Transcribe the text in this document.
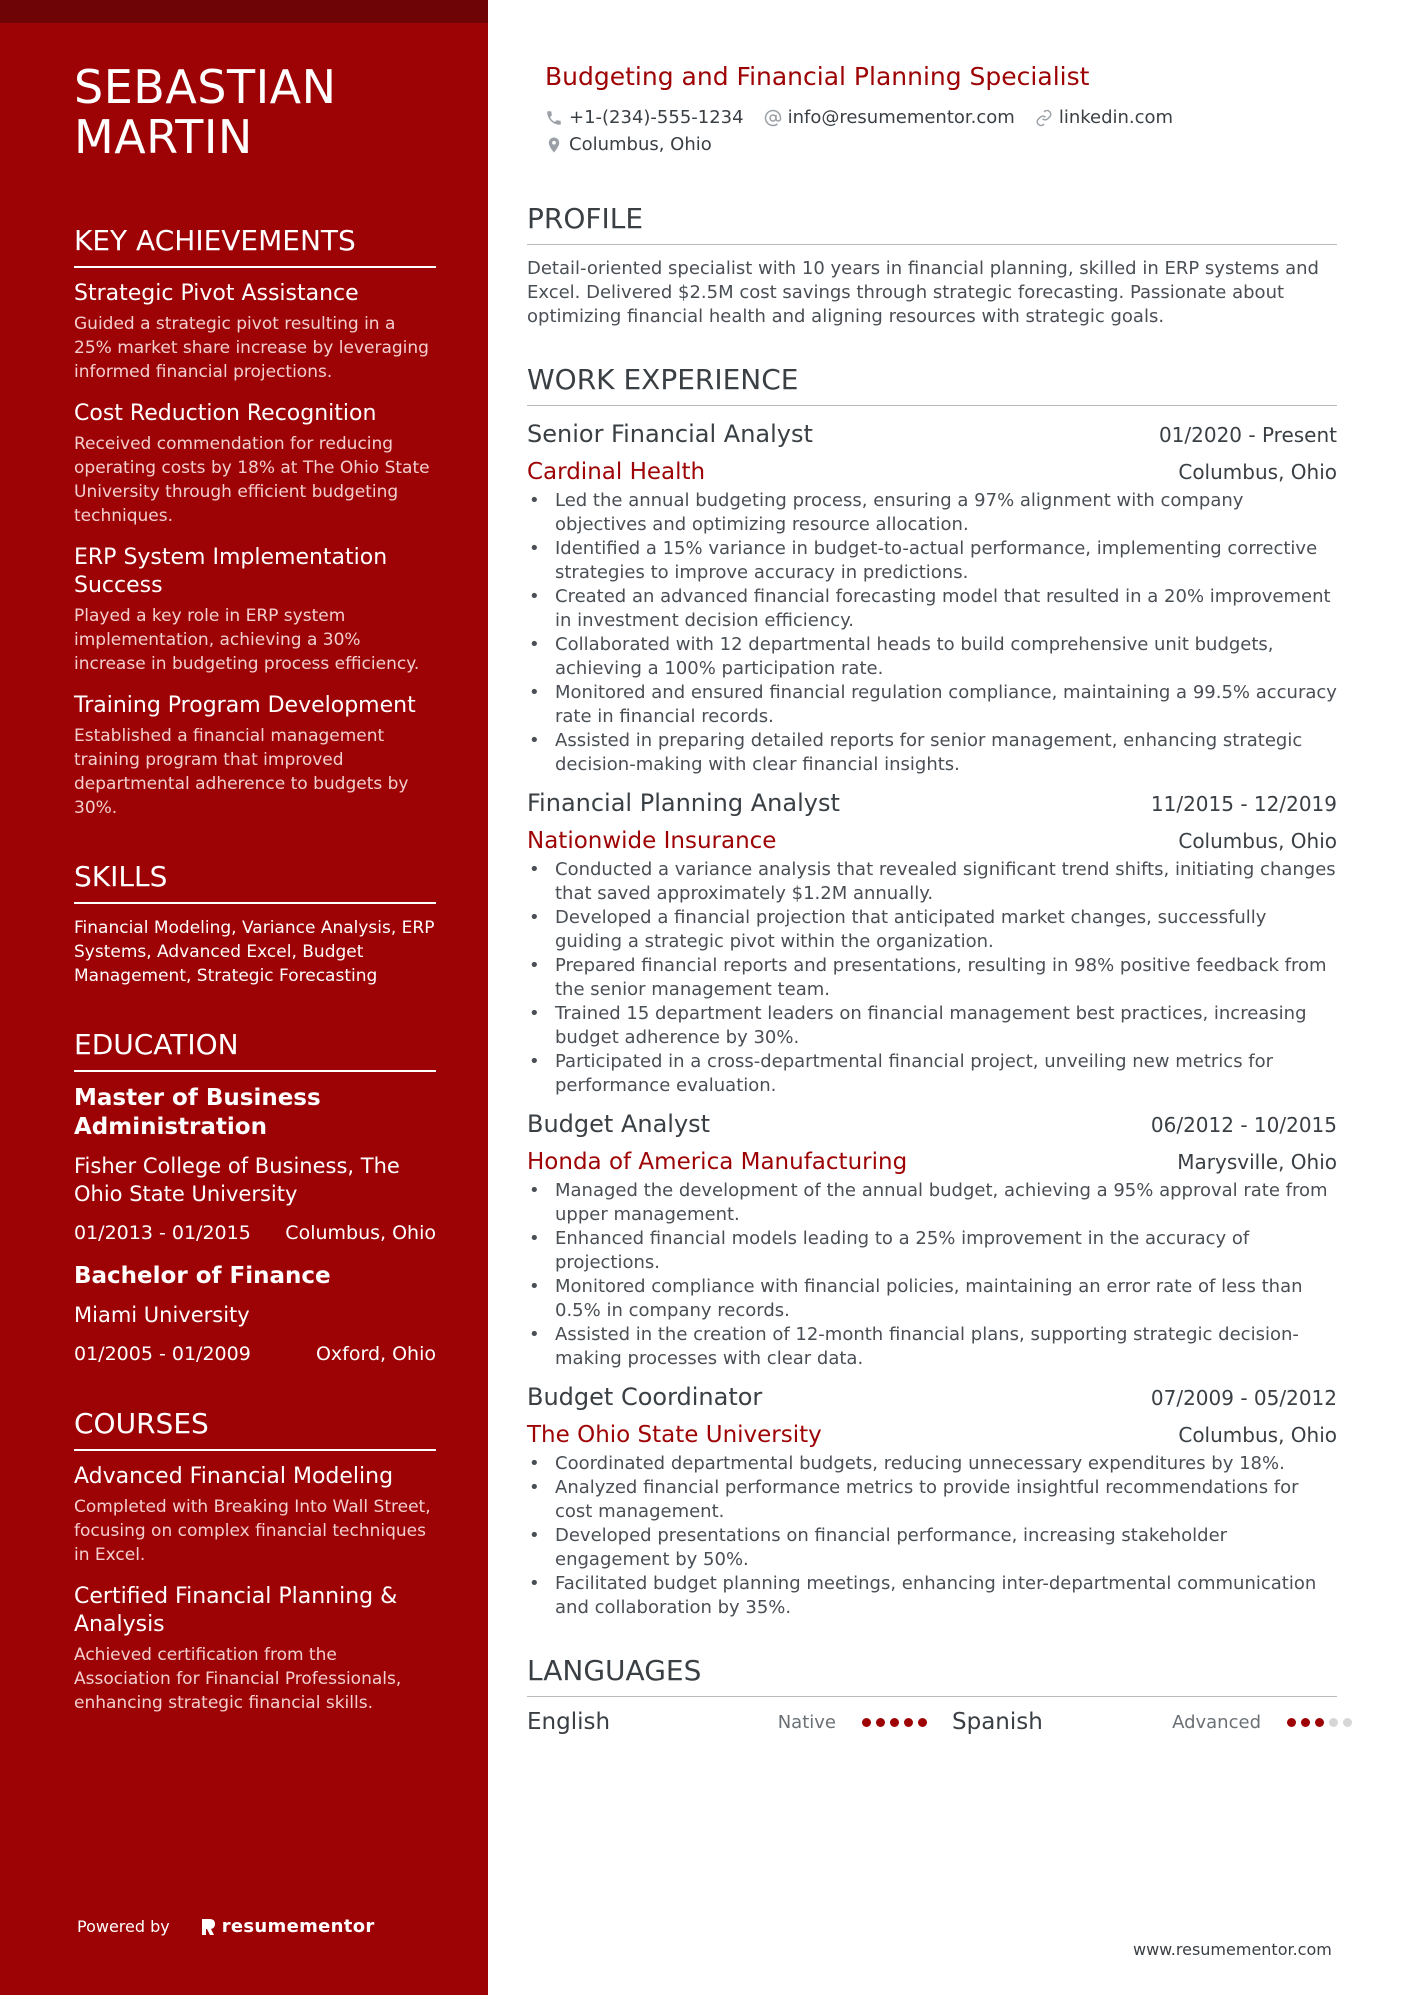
SEBASTIAN
MARTIN
KEY ACHIEVEMENTS
Strategic Pivot Assistance
Guided a strategic pivot resulting in a 25% market share increase by leveraging informed financial projections.
Cost Reduction Recognition
Received commendation for reducing operating costs by 18% at The Ohio State University through efficient budgeting techniques.
ERP System Implementation Success
Played a key role in ERP system implementation, achieving a 30% increase in budgeting process efficiency.
Training Program Development
Established a financial management training program that improved departmental adherence to budgets by 30%.
SKILLS
Financial Modeling, Variance Analysis, ERP Systems, Advanced Excel, Budget Management, Strategic Forecasting
EDUCATION
Master of Business Administration
Fisher College of Business, The Ohio State University
01/2013 - 01/2015 Columbus, Ohio
Bachelor of Finance
Miami University
01/2005 - 01/2009	Oxford, Ohio
COURSES
Advanced Financial Modeling
Completed with Breaking Into Wall Street, focusing on complex financial techniques in Excel.
Certified Financial Planning & Analysis
Achieved certification from the Association for Financial Professionals, enhancing strategic financial skills.
Powered by	resumementor
Budgeting and Financial Planning Specialist
+1-(234)-555-1234 info@resumementor.com linkedin.com
Columbus, Ohio
PROFILE
Detail-oriented specialist with 10 years in financial planning, skilled in ERP systems and Excel. Delivered $2.5M cost savings through strategic forecasting. Passionate about optimizing financial health and aligning resources with strategic goals.
WORK EXPERIENCE
Senior Financial Analyst	01/2020 - Present
Cardinal Health	Columbus, Ohio
• Led the annual budgeting process, ensuring a 97% alignment with company objectives and optimizing resource allocation.
• Identified a 15% variance in budget-to-actual performance, implementing corrective strategies to improve accuracy in predictions.
• Created an advanced financial forecasting model that resulted in a 20% improvement in investment decision efficiency.
• Collaborated with 12 departmental heads to build comprehensive unit budgets, achieving a 100% participation rate.
• Monitored and ensured financial regulation compliance, maintaining a 99.5% accuracy rate in financial records.
• Assisted in preparing detailed reports for senior management, enhancing strategic decision-making with clear financial insights.
Financial Planning Analyst	11/2015 - 12/2019
Nationwide Insurance	Columbus, Ohio
• Conducted a variance analysis that revealed significant trend shifts, initiating changes that saved approximately $1.2M annually.
• Developed a financial projection that anticipated market changes, successfully guiding a strategic pivot within the organization.
• Prepared financial reports and presentations, resulting in 98% positive feedback from the senior management team.
• Trained 15 department leaders on financial management best practices, increasing budget adherence by 30%.
• Participated in a cross-departmental financial project, unveiling new metrics for performance evaluation.
Budget Analyst	06/2012 - 10/2015
Honda of America Manufacturing	Marysville, Ohio
• Managed the development of the annual budget, achieving a 95% approval rate from upper management.
• Enhanced financial models leading to a 25% improvement in the accuracy of projections.
• Monitored compliance with financial policies, maintaining an error rate of less than 0.5% in company records.
• Assisted in the creation of 12-month financial plans, supporting strategic decision-making processes with clear data.
Budget Coordinator	07/2009 - 05/2012
The Ohio State University	Columbus, Ohio
• Coordinated departmental budgets, reducing unnecessary expenditures by 18%.
• Analyzed financial performance metrics to provide insightful recommendations for cost management.
• Developed presentations on financial performance, increasing stakeholder engagement by 50%.
• Facilitated budget planning meetings, enhancing inter-departmental communication and collaboration by 35%.
LANGUAGES
English	Native	Spanish	Advanced
www.resumementor.com
